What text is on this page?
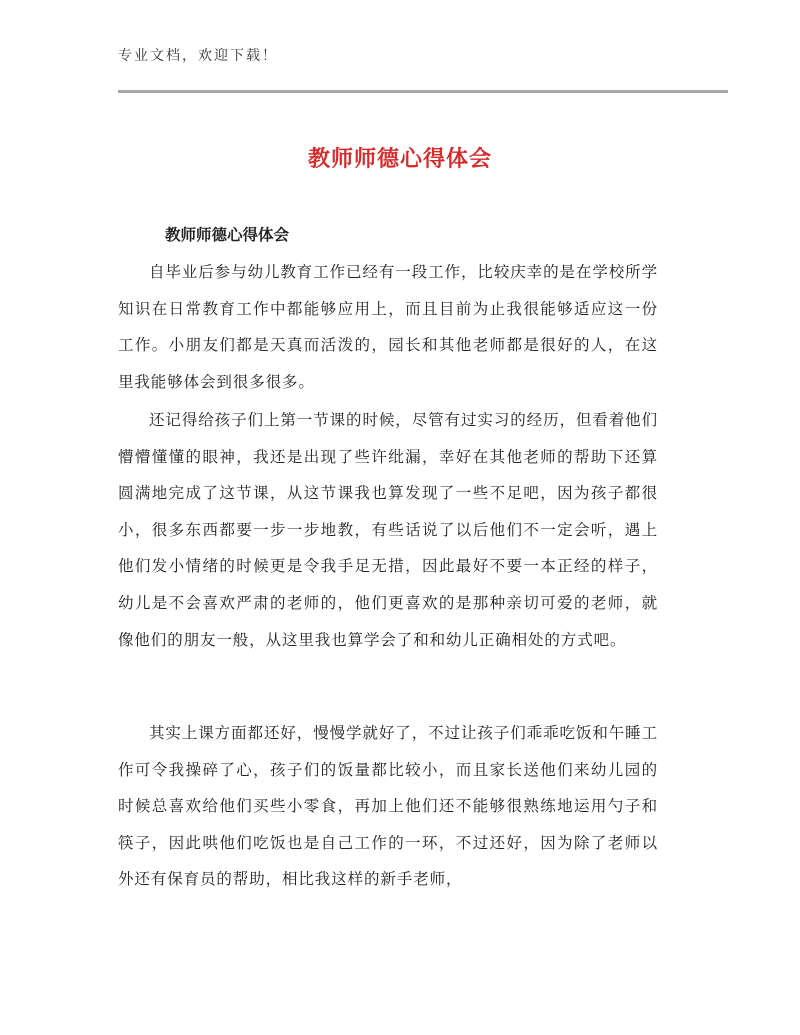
专业文档，欢迎下载！
教师师德心得体会
教师师德心得体会

自毕业后参与幼儿教育工作已经有一段工作，比较庆幸的是在学校所学知识在日常教育工作中都能够应用上，而且目前为止我很能够适应这一份工作。小朋友们都是天真而活泼的，园长和其他老师都是很好的人，在这里我能够体会到很多很多。

还记得给孩子们上第一节课的时候，尽管有过实习的经历，但看着他们懵懵懂懂的眼神，我还是出现了些许纰漏，幸好在其他老师的帮助下还算圆满地完成了这节课，从这节课我也算发现了一些不足吧，因为孩子都很小，很多东西都要一步一步地教，有些话说了以后他们不一定会听，遇上他们发小情绪的时候更是令我手足无措，因此最好不要一本正经的样子，幼儿是不会喜欢严肃的老师的，他们更喜欢的是那种亲切可爱的老师，就像他们的朋友一般，从这里我也算学会了和和幼儿正确相处的方式吧。

其实上课方面都还好，慢慢学就好了，不过让孩子们乖乖吃饭和午睡工作可令我操碎了心，孩子们的饭量都比较小，而且家长送他们来幼儿园的时候总喜欢给他们买些小零食，再加上他们还不能够很熟练地运用勺子和筷子，因此哄他们吃饭也是自己工作的一环，不过还好，因为除了老师以外还有保育员的帮助，相比我这样的新手老师，
